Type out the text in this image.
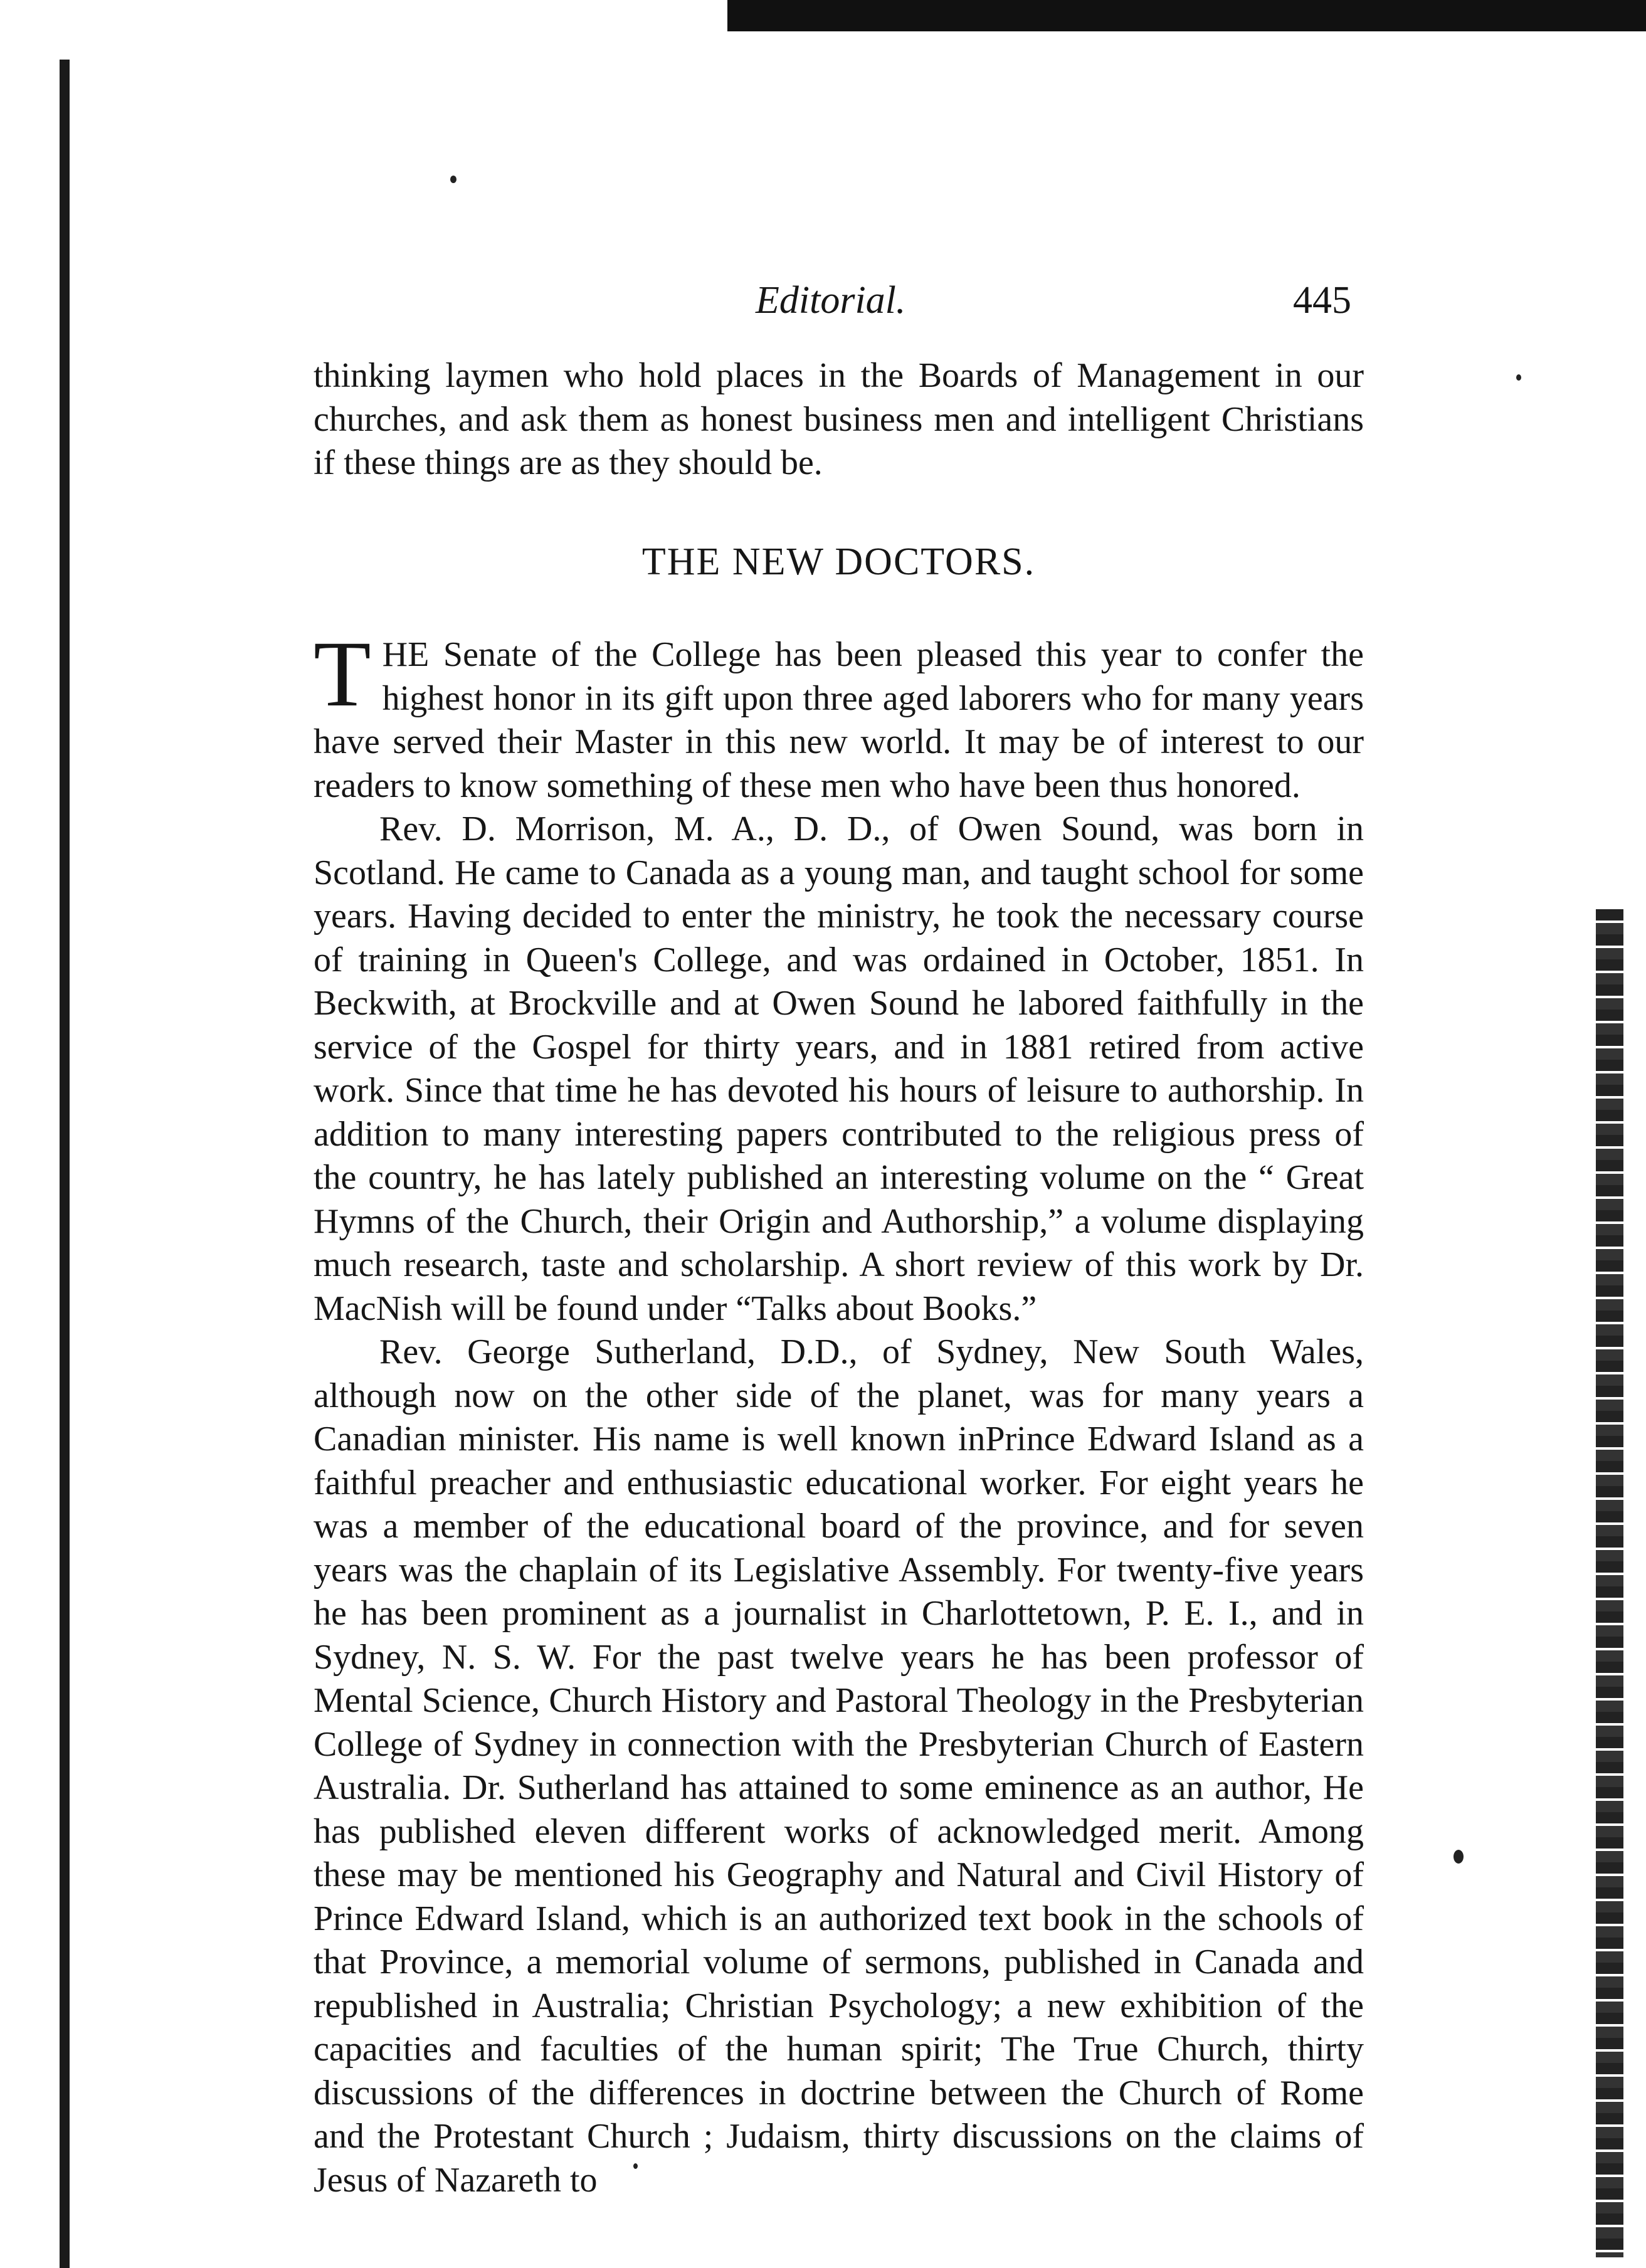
Editorial.	445

thinking laymen who hold places in the Boards of Management in our churches, and ask them as honest business men and intelligent Christians if these things are as they should be.

THE NEW DOCTORS.

THE Senate of the College has been pleased this year to confer the highest honor in its gift upon three aged laborers who for many years have served their Master in this new world. It may be of interest to our readers to know something of these men who have been thus honored.

Rev. D. Morrison, M. A., D. D., of Owen Sound, was born in Scotland. He came to Canada as a young man, and taught school for some years. Having decided to enter the ministry, he took the necessary course of training in Queen's College, and was ordained in October, 1851. In Beckwith, at Brockville and at Owen Sound he labored faithfully in the service of the Gospel for thirty years, and in 1881 retired from active work. Since that time he has devoted his hours of leisure to authorship. In addition to many interesting papers contributed to the religious press of the country, he has lately published an interesting volume on the “ Great Hymns of the Church, their Origin and Authorship,” a volume displaying much research, taste and scholarship. A short review of this work by Dr. MacNish will be found under “Talks about Books.”

Rev. George Sutherland, D.D., of Sydney, New South Wales, although now on the other side of the planet, was for many years a Canadian minister. His name is well known inPrince Edward Island as a faithful preacher and enthusiastic educational worker. For eight years he was a member of the educational board of the province, and for seven years was the chaplain of its Legislative Assembly. For twenty-five years he has been prominent as a journalist in Charlottetown, P. E. I., and in Sydney, N. S. W. For the past twelve years he has been professor of Mental Science, Church History and Pastoral Theology in the Presbyterian College of Sydney in connection with the Presbyterian Church of Eastern Australia. Dr. Sutherland has attained to some eminence as an author, He has published eleven different works of acknowledged merit. Among these may be mentioned his Geography and Natural and Civil History of Prince Edward Island, which is an authorized text book in the schools of that Province, a memorial volume of sermons, published in Canada and republished in Australia; Christian Psychology; a new exhibition of the capacities and faculties of the human spirit; The True Church, thirty discussions of the differences in doctrine between the Church of Rome and the Protestant Church ; Judaism, thirty discussions on the claims of Jesus of Nazareth to
